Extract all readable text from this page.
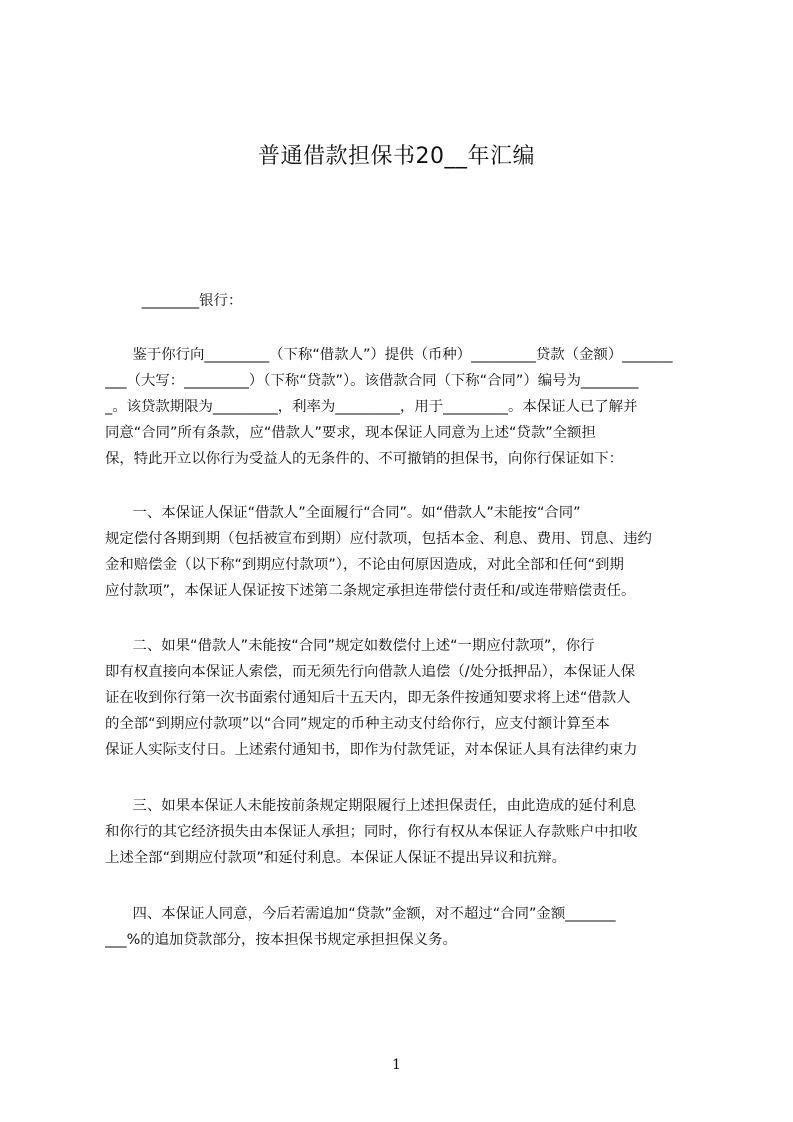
普通借款担保书20__年汇编
________银行：
鉴于你行向_________（下称“借款人”）提供（币种）_________贷款（金额）_______
___（大写：_________）（下称“贷款”）。该借款合同（下称“合同”）编号为________
_。该贷款期限为_________，利率为_________，用于_________。本保证人已了解并
同意“合同”所有条款，应“借款人”要求，现本保证人同意为上述“贷款”全额担
保，特此开立以你行为受益人的无条件的、不可撤销的担保书，向你行保证如下：
一、本保证人保证“借款人”全面履行“合同”。如“借款人”未能按“合同”
规定偿付各期到期（包括被宣布到期）应付款项，包括本金、利息、费用、罚息、违约
金和赔偿金（以下称“到期应付款项”），不论由何原因造成，对此全部和任何“到期
应付款项”，本保证人保证按下述第二条规定承担连带偿付责任和/或连带赔偿责任。
二、如果“借款人”未能按“合同”规定如数偿付上述“一期应付款项”，你行
即有权直接向本保证人索偿，而无须先行向借款人追偿（/处分抵押品），本保证人保
证在收到你行第一次书面索付通知后十五天内，即无条件按通知要求将上述“借款人
的全部“到期应付款项”以“合同”规定的币种主动支付给你行，应支付额计算至本
保证人实际支付日。上述索付通知书，即作为付款凭证，对本保证人具有法律约束力
三、如果本保证人未能按前条规定期限履行上述担保责任，由此造成的延付利息
和你行的其它经济损失由本保证人承担；同时，你行有权从本保证人存款账户中扣收
上述全部“到期应付款项”和延付利息。本保证人保证不提出异议和抗辩。
四、本保证人同意，今后若需追加“贷款”金额，对不超过“合同”金额_______
___%的追加贷款部分，按本担保书规定承担担保义务。
1
